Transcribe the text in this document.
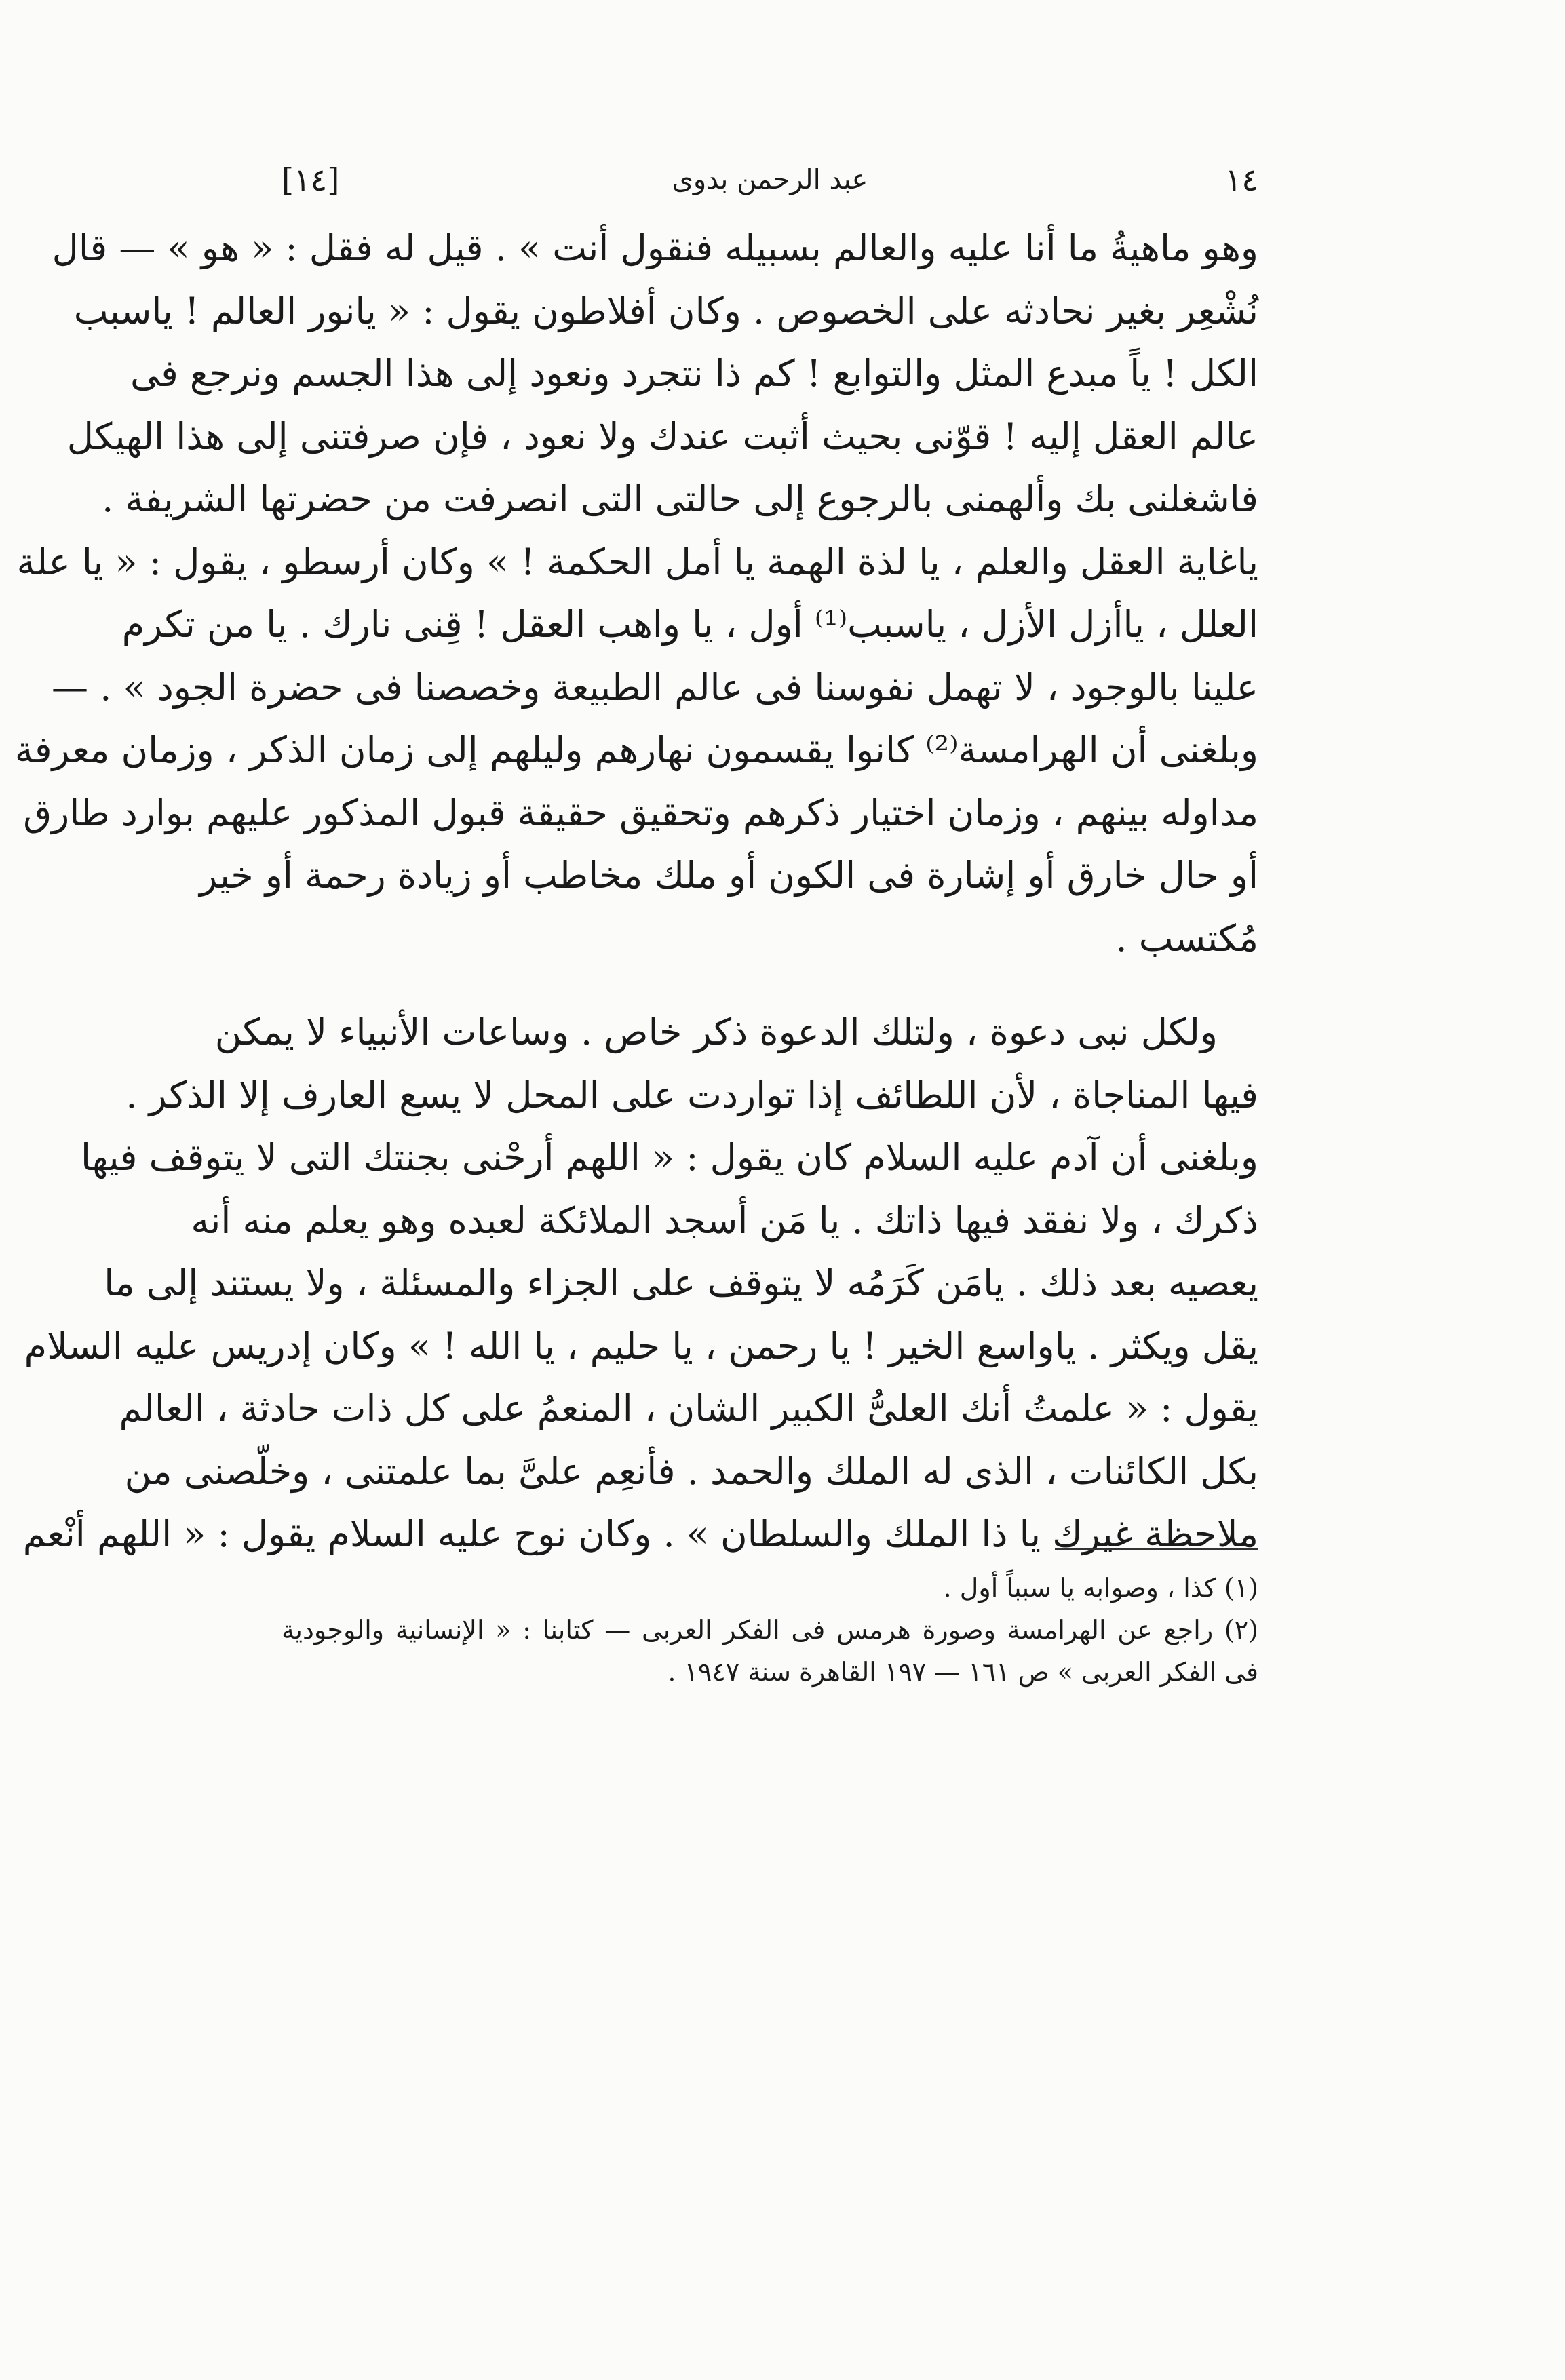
١٤
عبد الرحمن بدوى
[١٤]
وهو ماهيةُ ما أنا عليه والعالم بسبيله فنقول أنت » . قيل له فقل : « هو » — قال
نُشْعِر بغير نحادثه على الخصوص . وكان أفلاطون يقول : « يانور العالم ! ياسبب
الكل ! ياً مبدع المثل والتوابع ! كم ذا نتجرد ونعود إلى هذا الجسم ونرجع فى
عالم العقل إليه ! قوّنى بحيث أثبت عندك ولا نعود ، فإن صرفتنى إلى هذا الهيكل
فاشغلنى بك وألهمنى بالرجوع إلى حالتى التى انصرفت من حضرتها الشريفة .
ياغاية العقل والعلم ، يا لذة الهمة يا أمل الحكمة ! » وكان أرسطو ، يقول : « يا علة
العلل ، ياأزل الأزل ، ياسبب⁽¹⁾ أول ، يا واهب العقل ! قِنى نارك . يا من تكرم
علينا بالوجود ، لا تهمل نفوسنا فى عالم الطبيعة وخصصنا فى حضرة الجود » . —
وبلغنى أن الهرامسة⁽²⁾ كانوا يقسمون نهارهم وليلهم إلى زمان الذكر ، وزمان معرفة
مداوله بينهم ، وزمان اختيار ذكرهم وتحقيق حقيقة قبول المذكور عليهم بوارد طارق
أو حال خارق أو إشارة فى الكون أو ملك مخاطب أو زيادة رحمة أو خير
مُكتسب .
ولكل نبى دعوة ، ولتلك الدعوة ذكر خاص . وساعات الأنبياء لا يمكن
فيها المناجاة ، لأن اللطائف إذا تواردت على المحل لا يسع العارف إلا الذكر .
وبلغنى أن آدم عليه السلام كان يقول : « اللهم أرحْنى بجنتك التى لا يتوقف فيها
ذكرك ، ولا نفقد فيها ذاتك . يا مَن أسجد الملائكة لعبده وهو يعلم منه أنه
يعصيه بعد ذلك . يامَن كَرَمُه لا يتوقف على الجزاء والمسئلة ، ولا يستند إلى ما
يقل ويكثر . ياواسع الخير ! يا رحمن ، يا حليم ، يا الله ! » وكان إدريس عليه السلام
يقول : « علمتُ أنك العلىُّ الكبير الشان ، المنعمُ على كل ذات حادثة ، العالم
بكل الكائنات ، الذى له الملك والحمد . فأنعِم علىَّ بما علمتنى ، وخلّصنى من
ملاحظة غيرك يا ذا الملك والسلطان » . وكان نوح عليه السلام يقول : « اللهم أنْعم
(١) كذا ، وصوابه يا سبباً أول .
(٢) راجع عن الهرامسة وصورة هرمس فى الفكر العربى — كتابنا : « الإنسانية والوجودية
فى الفكر العربى » ص ١٦١ — ١٩٧ القاهرة سنة ١٩٤٧ .
